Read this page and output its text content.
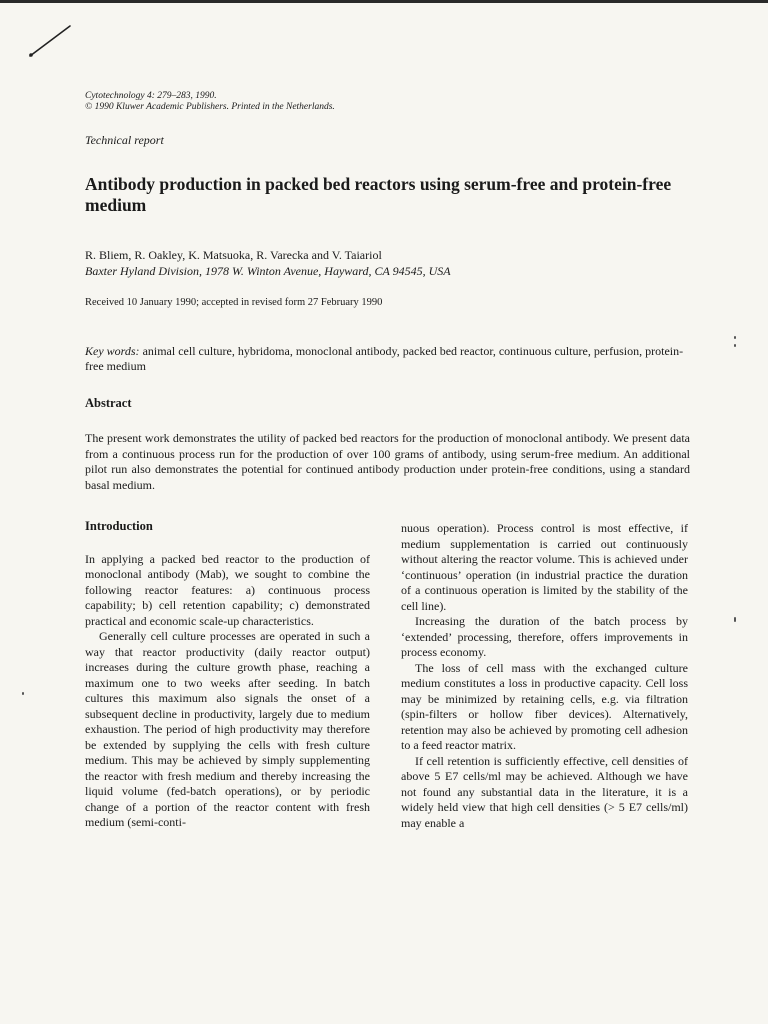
Cytotechnology 4: 279–283, 1990.
© 1990 Kluwer Academic Publishers. Printed in the Netherlands.
Technical report
Antibody production in packed bed reactors using serum-free and protein-free medium
R. Bliem, R. Oakley, K. Matsuoka, R. Varecka and V. Taiariol
Baxter Hyland Division, 1978 W. Winton Avenue, Hayward, CA 94545, USA
Received 10 January 1990; accepted in revised form 27 February 1990
Key words: animal cell culture, hybridoma, monoclonal antibody, packed bed reactor, continuous culture, perfusion, protein-free medium
Abstract
The present work demonstrates the utility of packed bed reactors for the production of monoclonal antibody. We present data from a continuous process run for the production of over 100 grams of antibody, using serum-free medium. An additional pilot run also demonstrates the potential for continued antibody production under protein-free conditions, using a standard basal medium.
Introduction

In applying a packed bed reactor to the production of monoclonal antibody (Mab), we sought to combine the following reactor features: a) continuous process capability; b) cell retention capability; c) demonstrated practical and economic scale-up characteristics.

Generally cell culture processes are operated in such a way that reactor productivity (daily reactor output) increases during the culture growth phase, reaching a maximum one to two weeks after seeding. In batch cultures this maximum also signals the onset of a subsequent decline in productivity, largely due to medium exhaustion. The period of high productivity may therefore be extended by supplying the cells with fresh culture medium. This may be achieved by simply supplementing the reactor with fresh medium and thereby increasing the liquid volume (fed-batch operations), or by periodic change of a portion of the reactor content with fresh medium (semi-conti-

nuous operation). Process control is most effective, if medium supplementation is carried out continuously without altering the reactor volume. This is achieved under ‘continuous’ operation (in industrial practice the duration of a continuous operation is limited by the stability of the cell line).

Increasing the duration of the batch process by ‘extended’ processing, therefore, offers improvements in process economy.

The loss of cell mass with the exchanged culture medium constitutes a loss in productive capacity. Cell loss may be minimized by retaining cells, e.g. via filtration (spin-filters or hollow fiber devices). Alternatively, retention may also be achieved by promoting cell adhesion to a feed reactor matrix.

If cell retention is sufficiently effective, cell densities of above 5 E7 cells/ml may be achieved. Although we have not found any substantial data in the literature, it is a widely held view that high cell densities (> 5 E7 cells/ml) may enable a
